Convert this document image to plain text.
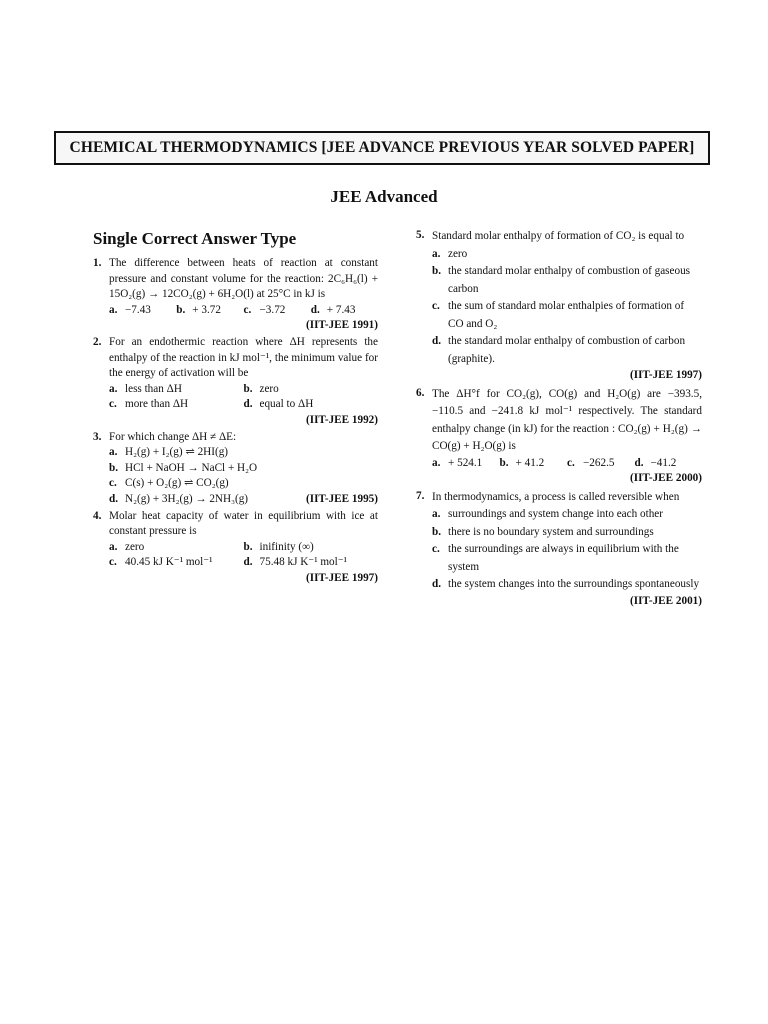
CHEMICAL THERMODYNAMICS [JEE ADVANCE PREVIOUS YEAR SOLVED PAPER]
JEE Advanced
Single Correct Answer Type
1. The difference between heats of reaction at constant pressure and constant volume for the reaction: 2C₆H₆(l) + 15O₂(g) → 12CO₂(g) + 6H₂O(l) at 25°C in kJ is
a. −7.43	b. + 3.72	c. −3.72	d. + 7.43
(IIT-JEE 1991)
2. For an endothermic reaction where ΔH represents the enthalpy of the reaction in kJ mol⁻¹, the minimum value for the energy of activation will be
a. less than ΔH	b. zero
c. more than ΔH	d. equal to ΔH
(IIT-JEE 1992)
3. For which change ΔH ≠ ΔE:
a. H₂(g) + I₂(g) ⇌ 2HI(g)
b. HCl + NaOH → NaCl + H₂O
c. C(s) + O₂(g) ⇌ CO₂(g)
d. N₂(g) + 3H₂(g) → 2NH₃(g)	(IIT-JEE 1995)
4. Molar heat capacity of water in equilibrium with ice at constant pressure is
a. zero	b. inifinity (∞)
c. 40.45 kJ K⁻¹ mol⁻¹	d. 75.48 kJ K⁻¹ mol⁻¹
(IIT-JEE 1997)
5. Standard molar enthalpy of formation of CO₂ is equal to
a. zero
b. the standard molar enthalpy of combustion of gaseous carbon
c. the sum of standard molar enthalpies of formation of CO and O₂
d. the standard molar enthalpy of combustion of carbon (graphite).
(IIT-JEE 1997)
6. The ΔH°f for CO₂(g), CO(g) and H₂O(g) are −393.5, −110.5 and −241.8 kJ mol⁻¹ respectively. The standard enthalpy change (in kJ) for the reaction : CO₂(g) + H₂(g) → CO(g) + H₂O(g) is
a. + 524.1	b. + 41.2	c. −262.5	d. −41.2
(IIT-JEE 2000)
7. In thermodynamics, a process is called reversible when
a. surroundings and system change into each other
b. there is no boundary system and surroundings
c. the surroundings are always in equilibrium with the system
d. the system changes into the surroundings spontaneously
(IIT-JEE 2001)
